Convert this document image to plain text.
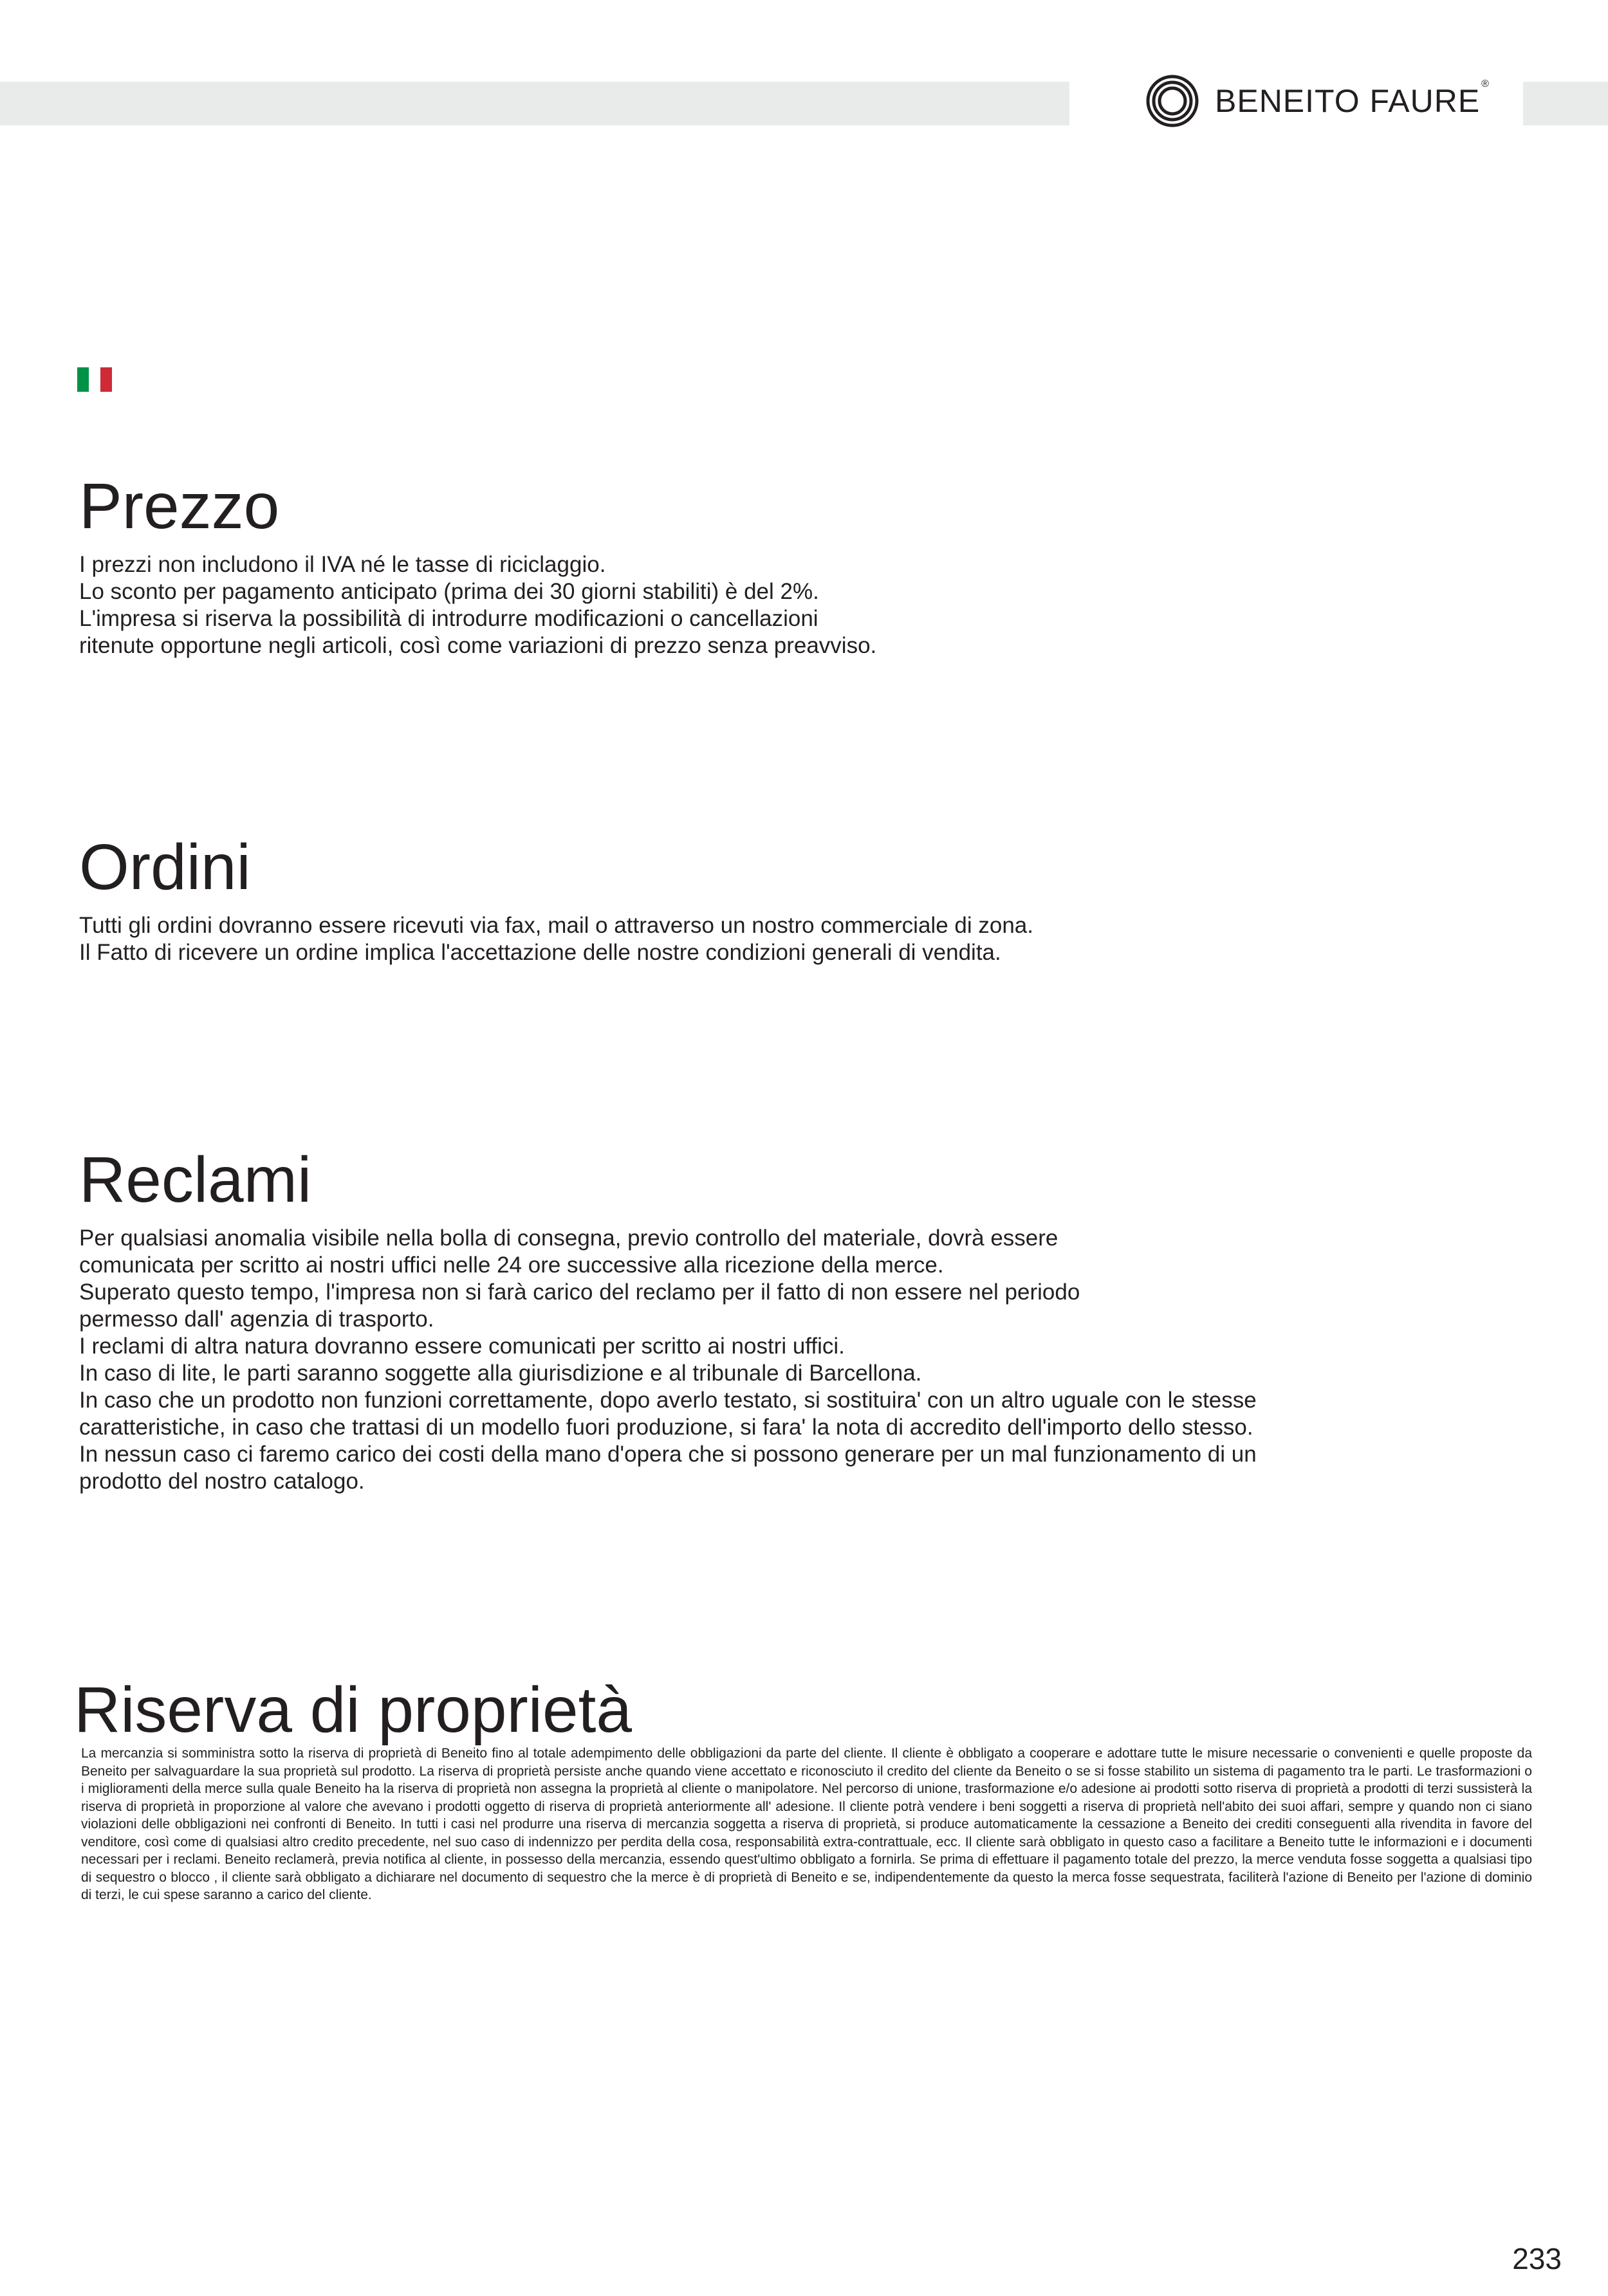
BENEITO FAURE ®
Prezzo

I prezzi non includono il IVA né le tasse di riciclaggio.
Lo sconto per pagamento anticipato (prima dei 30 giorni stabiliti) è del 2%.
L'impresa si riserva la possibilità di introdurre modificazioni o cancellazioni
ritenute opportune negli articoli, così come variazioni di prezzo senza preavviso.

Ordini

Tutti gli ordini dovranno essere ricevuti via fax, mail o attraverso un nostro commerciale di zona.
Il Fatto di ricevere un ordine implica l'accettazione delle nostre condizioni generali di vendita.

Reclami

Per qualsiasi anomalia visibile nella bolla di consegna, previo controllo del materiale, dovrà essere
comunicata per scritto ai nostri uffici nelle 24 ore successive alla ricezione della merce.
Superato questo tempo, l'impresa non si farà carico del reclamo per il fatto di non essere nel periodo
permesso dall' agenzia di trasporto.
I reclami di altra natura dovranno essere comunicati per scritto ai nostri uffici.
In caso di lite, le parti saranno soggette alla giurisdizione e al tribunale di Barcellona.
In caso che un prodotto non funzioni correttamente, dopo averlo testato, si sostituira' con un altro uguale con le stesse
caratteristiche, in caso che trattasi di un modello fuori produzione, si fara' la nota di accredito dell'importo dello stesso.
In nessun caso ci faremo carico dei costi della mano d'opera che si possono generare per un mal funzionamento di un
prodotto del nostro catalogo.

Riserva di proprietà

La mercanzia si somministra sotto la riserva di proprietà di Beneito fino al totale adempimento delle obbligazioni da parte del cliente. Il cliente è obbligato a cooperare e adottare tutte le misure necessarie o convenienti e quelle proposte da Beneito per salvaguardare la sua proprietà sul prodotto. La riserva di proprietà persiste anche quando viene accettato e riconosciuto il credito del cliente da Beneito o se si fosse stabilito un sistema di pagamento tra le parti. Le trasformazioni o i miglioramenti della merce sulla quale Beneito ha la riserva di proprietà non assegna la proprietà al cliente o manipolatore. Nel percorso di unione, trasformazione e/o adesione ai prodotti sotto riserva di proprietà a prodotti di terzi sussisterà la riserva di proprietà in proporzione al valore che avevano i prodotti oggetto di riserva di proprietà anteriormente all' adesione. Il cliente potrà vendere i beni soggetti a riserva di proprietà nell'abito dei suoi affari, sempre y quando non ci siano violazioni delle obbligazioni nei confronti di Beneito. In tutti i casi nel produrre una riserva di mercanzia soggetta a riserva di proprietà, si produce automaticamente la cessazione a Beneito dei crediti conseguenti alla rivendita in favore del venditore, così come di qualsiasi altro credito precedente, nel suo caso di indennizzo per perdita della cosa, responsabilità extra-contrattuale, ecc. Il cliente sarà obbligato in questo caso a facilitare a Beneito tutte le informazioni e i documenti necessari per i reclami. Beneito reclamerà, previa notifica al cliente, in possesso della mercanzia, essendo quest'ultimo obbligato a fornirla. Se prima di effettuare il pagamento totale del prezzo, la merce venduta fosse soggetta a qualsiasi tipo di sequestro o blocco , il cliente sarà obbligato a dichiarare nel documento di sequestro che la merce è di proprietà di Beneito e se, indipendentemente da questo la merca fosse sequestrata, faciliterà l'azione di Beneito per l'azione di dominio di terzi, le cui spese saranno a carico del cliente.

233
